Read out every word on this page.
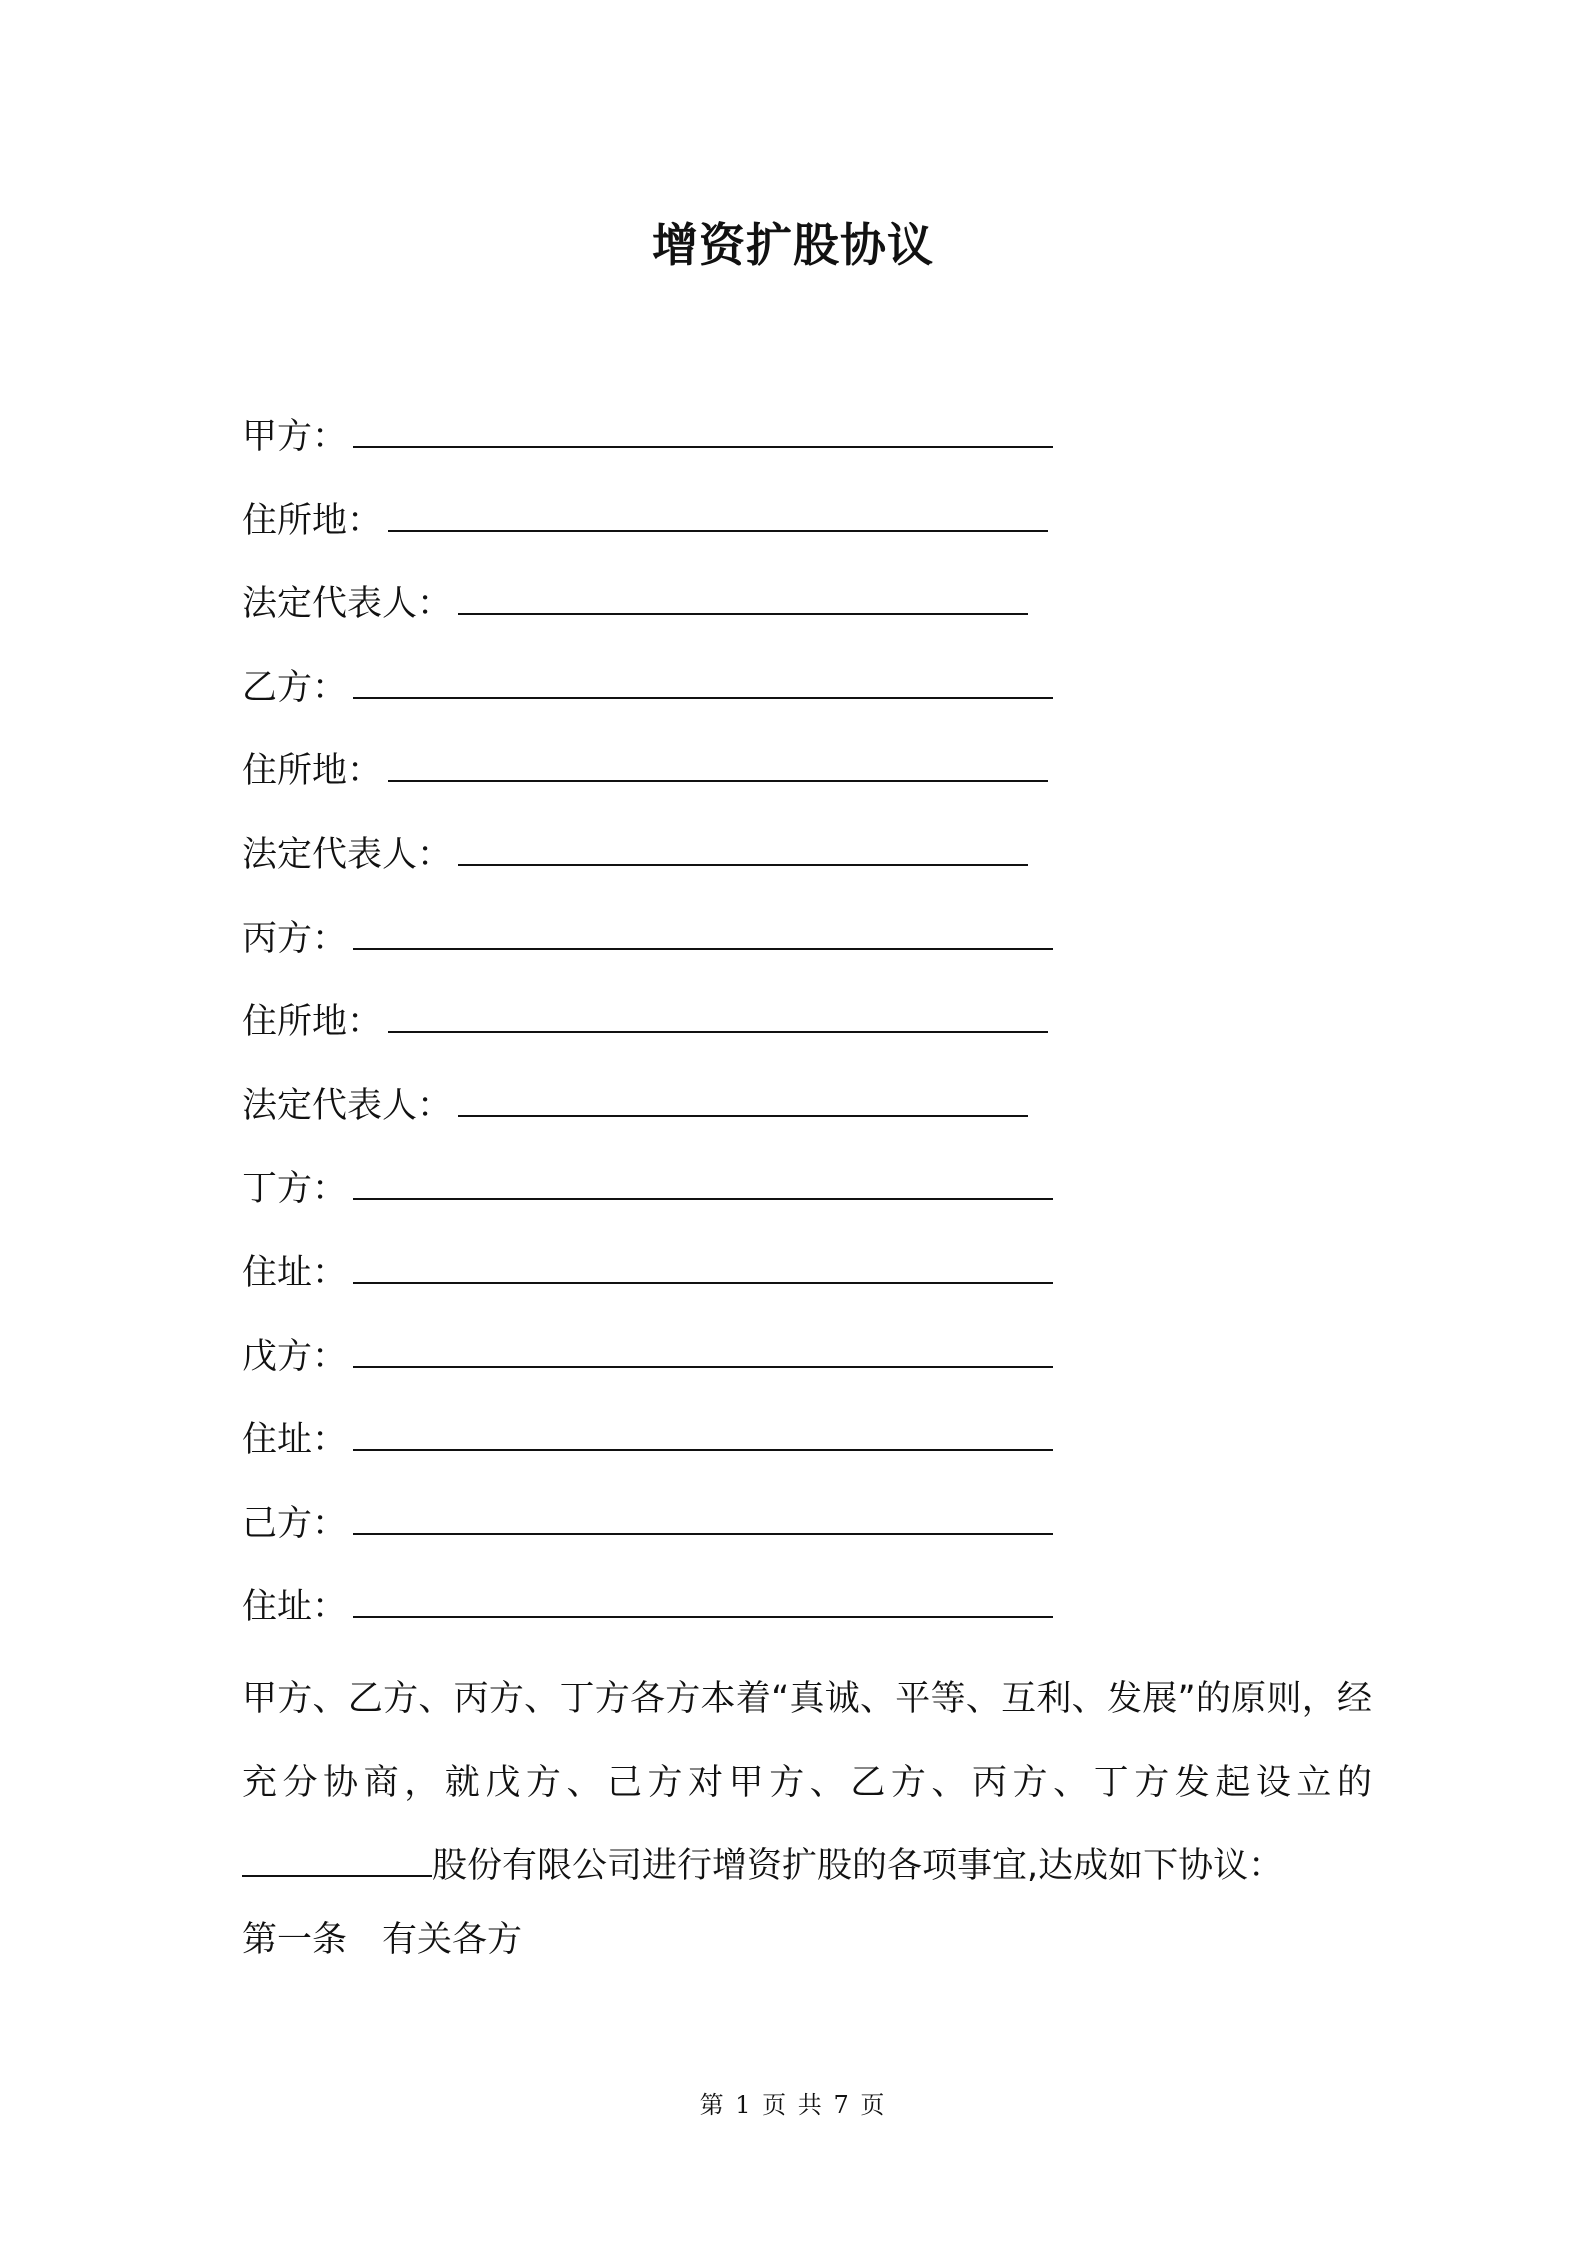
增资扩股协议
甲方：
住所地：
法定代表人：
乙方：
住所地：
法定代表人：
丙方：
住所地：
法定代表人：
丁方：
住址：
戊方：
住址：
己方：
住址：

甲方、乙方、丙方、丁方各方本着“真诚、平等、互利、发展”的原则，经充分协商，就戊方、己方对甲方、乙方、丙方、丁方发起设立的股份有限公司进行增资扩股的各项事宜,达成如下协议：

第一条　有关各方
第 1 页 共 7 页
